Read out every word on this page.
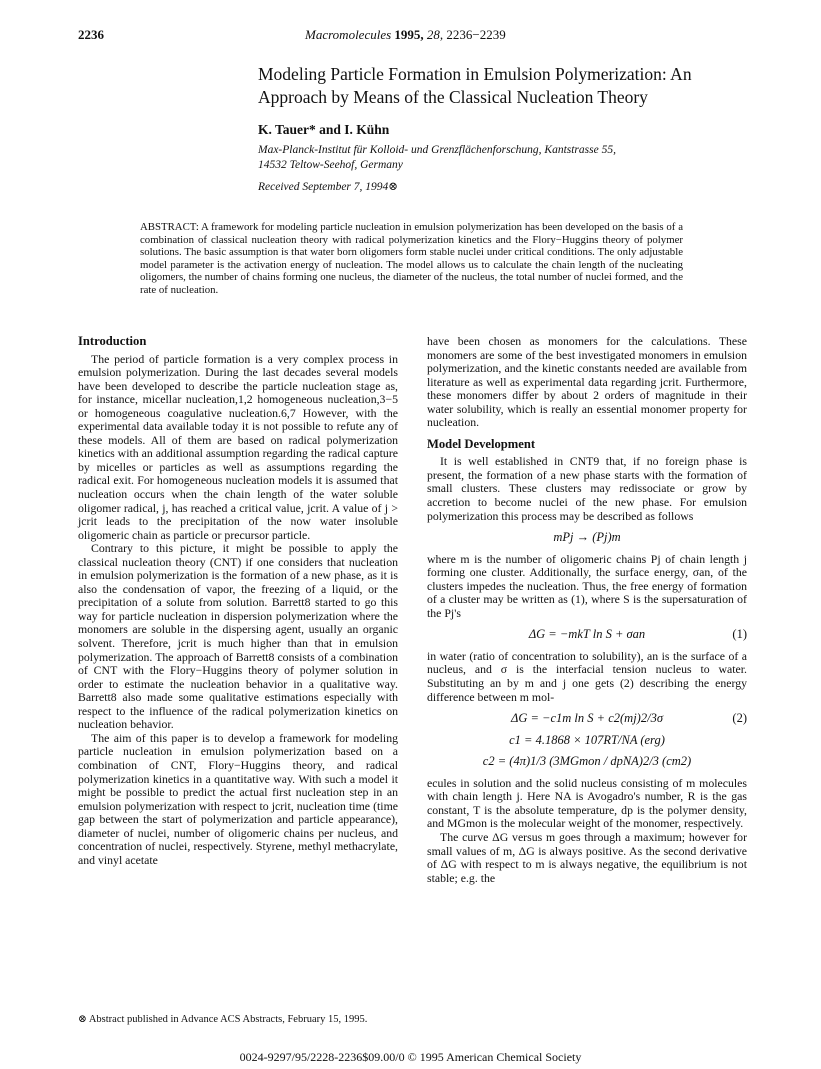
2236	Macromolecules 1995, 28, 2236−2239
Modeling Particle Formation in Emulsion Polymerization: An
Approach by Means of the Classical Nucleation Theory
K. Tauer* and I. Kühn
Max-Planck-Institut für Kolloid- und Grenzflächenforschung, Kantstrasse 55,
14532 Teltow-Seehof, Germany
Received September 7, 1994⊗
ABSTRACT: A framework for modeling particle nucleation in emulsion polymerization has been developed on the basis of a combination of classical nucleation theory with radical polymerization kinetics and the Flory−Huggins theory of polymer solutions. The basic assumption is that water born oligomers form stable nuclei under critical conditions. The only adjustable model parameter is the activation energy of nucleation. The model allows us to calculate the chain length of the nucleating oligomers, the number of chains forming one nucleus, the diameter of the nucleus, the total number of nuclei formed, and the rate of nucleation.
Introduction

The period of particle formation is a very complex process in emulsion polymerization. During the last decades several models have been developed to describe the particle nucleation stage as, for instance, micellar nucleation,1,2 homogeneous nucleation,3−5 or homogeneous coagulative nucleation.6,7 However, with the experimental data available today it is not possible to refute any of these models. All of them are based on radical polymerization kinetics with an additional assumption regarding the radical capture by micelles or particles as well as assumptions regarding the radical exit. For homogeneous nucleation models it is assumed that nucleation occurs when the chain length of the water soluble oligomer radical, j, has reached a critical value, jcrit. A value of j > jcrit leads to the precipitation of the now water insoluble oligomeric chain as particle or precursor particle.

Contrary to this picture, it might be possible to apply the classical nucleation theory (CNT) if one considers that nucleation in emulsion polymerization is the formation of a new phase, as it is also the condensation of vapor, the freezing of a liquid, or the precipitation of a solute from solution. Barrett8 started to go this way for particle nucleation in dispersion polymerization where the monomers are soluble in the dispersing agent, usually an organic solvent. Therefore, jcrit is much higher than that in emulsion polymerization. The approach of Barrett8 consists of a combination of CNT with the Flory−Huggins theory of polymer solution in order to estimate the nucleation behavior in a qualitative way. Barrett8 also made some qualitative estimations especially with respect to the influence of the radical polymerization kinetics on nucleation behavior.

The aim of this paper is to develop a framework for modeling particle nucleation in emulsion polymerization based on a combination of CNT, Flory−Huggins theory, and radical polymerization kinetics in a quantitative way. With such a model it might be possible to predict the actual first nucleation step in an emulsion polymerization with respect to jcrit, nucleation time (time gap between the start of polymerization and particle appearance), diameter of nuclei, number of oligomeric chains per nucleus, and concentration of nuclei, respectively. Styrene, methyl methacrylate, and vinyl acetate

⊗ Abstract published in Advance ACS Abstracts, February 15, 1995.

have been chosen as monomers for the calculations. These monomers are some of the best investigated monomers in emulsion polymerization, and the kinetic constants needed are available from literature as well as experimental data regarding jcrit. Furthermore, these monomers differ by about 2 orders of magnitude in their water solubility, which is really an essential monomer property for nucleation.

Model Development

It is well established in CNT9 that, if no foreign phase is present, the formation of a new phase starts with the formation of small clusters. These clusters may redissociate or grow by accretion to become nuclei of the new phase. For emulsion polymerization this process may be described as follows

mPj → (Pj)m

where m is the number of oligomeric chains Pj of chain length j forming one cluster. Additionally, the surface energy, σan, of the clusters impedes the nucleation. Thus, the free energy of formation of a cluster may be written as (1), where S is the supersaturation of the Pj's

ΔG = −mkT ln S + σan	(1)

in water (ratio of concentration to solubility), an is the surface of a nucleus, and σ is the interfacial tension nucleus to water. Substituting an by m and j one gets (2) describing the energy difference between m mol-

ΔG = −c1m ln S + c2(mj)2/3σ	(2)
c1 = 4.1868 × 107RT/NA (erg)
c2 = (4π)1/3 (3MGmon / dpNA)2/3 (cm2)

ecules in solution and the solid nucleus consisting of m molecules with chain length j. Here NA is Avogadro's number, R is the gas constant, T is the absolute temperature, dp is the polymer density, and MGmon is the molecular weight of the monomer, respectively.

The curve ΔG versus m goes through a maximum; however for small values of m, ΔG is always positive. As the second derivative of ΔG with respect to m is always negative, the equilibrium is not stable; e.g. the

0024-9297/95/2228-2236$09.00/0 © 1995 American Chemical Society
